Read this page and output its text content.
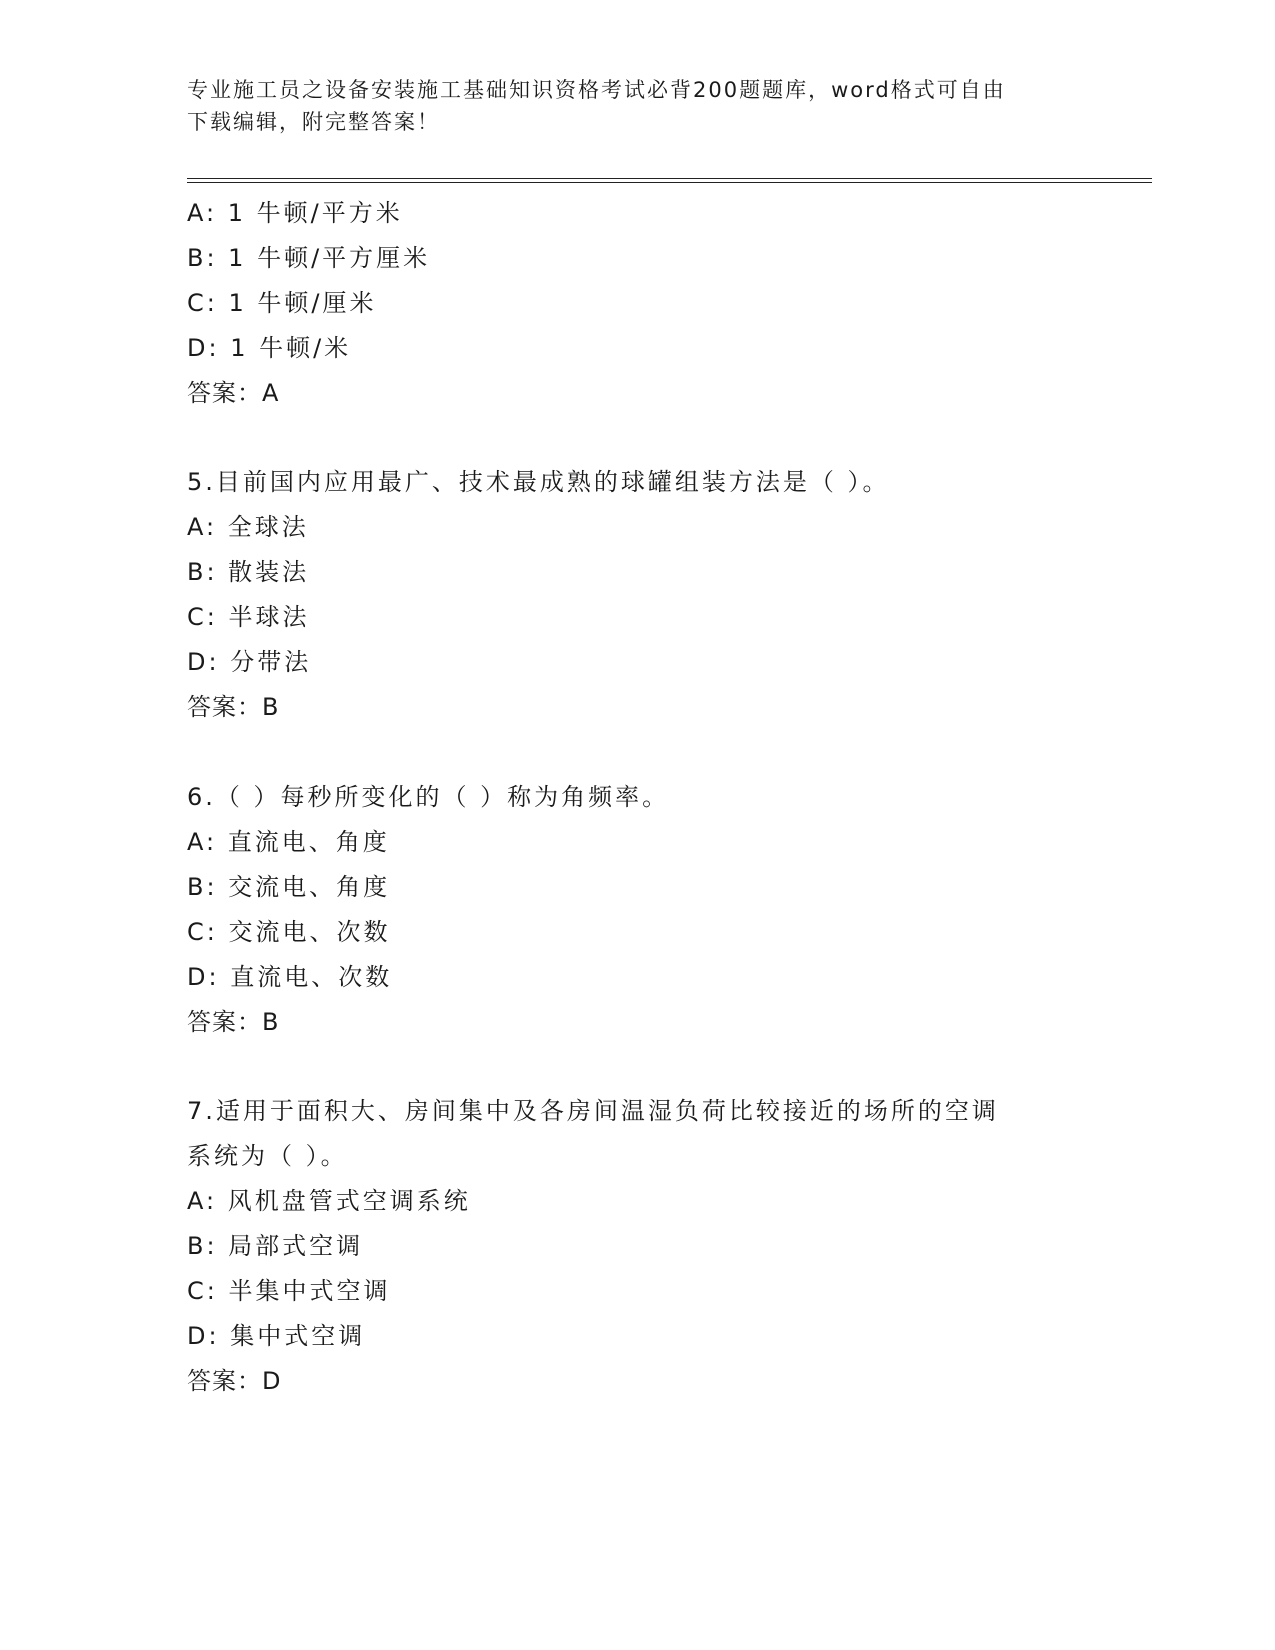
专业施工员之设备安装施工基础知识资格考试必背200题题库，word格式可自由
下载编辑，附完整答案！
A: 1 牛顿/平方米
B: 1 牛顿/平方厘米
C: 1 牛顿/厘米
D: 1 牛顿/米
答案：A
5.目前国内应用最广、技术最成熟的球罐组装方法是（ ）。
A: 全球法
B: 散装法
C: 半球法
D: 分带法
答案：B
6.（ ）每秒所变化的（ ）称为角频率。
A: 直流电、角度
B: 交流电、角度
C: 交流电、次数
D: 直流电、次数
答案：B
7.适用于面积大、房间集中及各房间温湿负荷比较接近的场所的空调
系统为（ ）。
A: 风机盘管式空调系统
B: 局部式空调
C: 半集中式空调
D: 集中式空调
答案：D
